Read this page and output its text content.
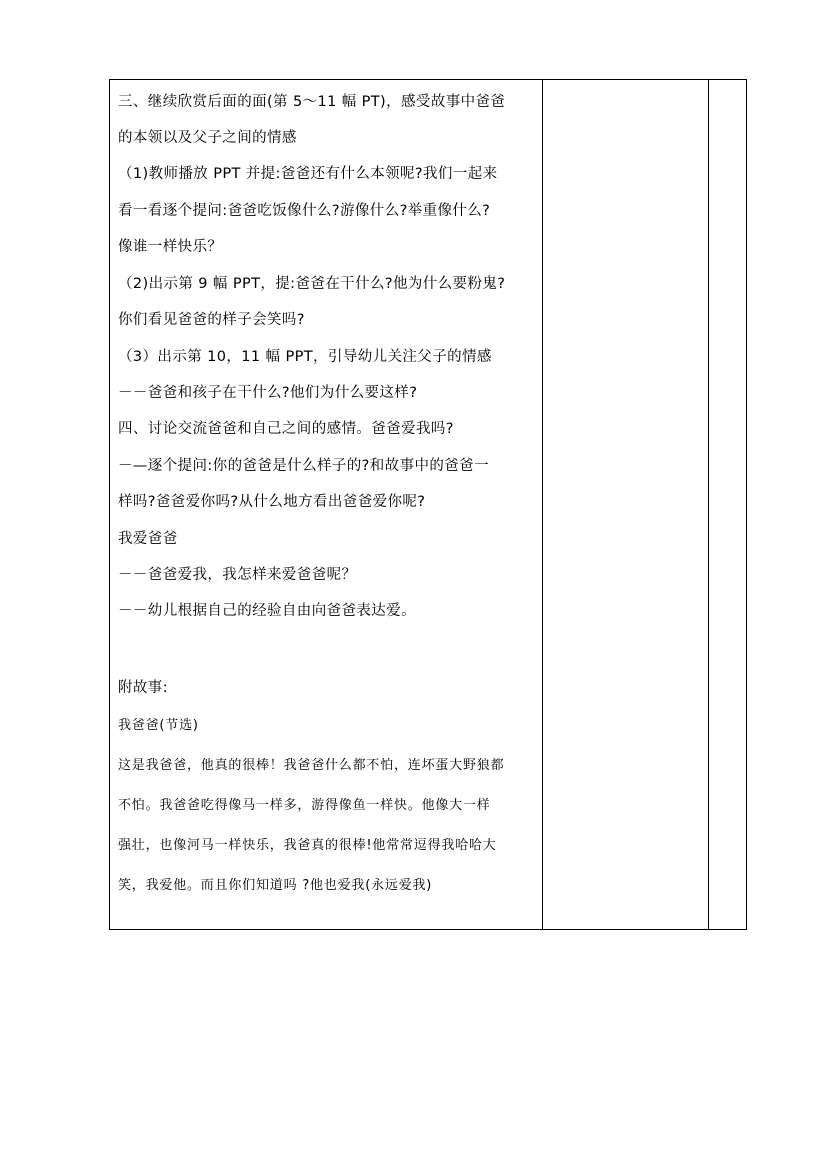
三、继续欣赏后面的面(第 5～11 幅 PT)，感受故事中爸爸
的本领以及父子之间的情感
（1)教师播放 PPT 并提:爸爸还有什么本领呢?我们一起来
看一看逐个提问:爸爸吃饭像什么?游像什么?举重像什么?
像谁一样快乐？
（2)出示第 9 幅 PPT，提:爸爸在干什么?他为什么要粉鬼?
你们看见爸爸的样子会笑吗?
（3）出示第 10，11 幅 PPT，引导幼儿关注父子的情感
－－爸爸和孩子在干什么?他们为什么要这样?
四、讨论交流爸爸和自己之间的感情。爸爸爱我吗?
－—逐个提问:你的爸爸是什么样子的?和故事中的爸爸一
样吗?爸爸爱你吗?从什么地方看出爸爸爱你呢?
我爱爸爸
－－爸爸爱我，我怎样来爱爸爸呢？
－－幼儿根据自己的经验自由向爸爸表达爱。
附故事:
我爸爸(节选)
这是我爸爸，他真的很棒！我爸爸什么都不怕，连坏蛋大野狼都
不怕。我爸爸吃得像马一样多，游得像鱼一样快。他像大一样
强壮，也像河马一样快乐，我爸真的很棒!他常常逗得我哈哈大
笑，我爱他。而且你们知道吗 ?他也爱我(永远爱我)
